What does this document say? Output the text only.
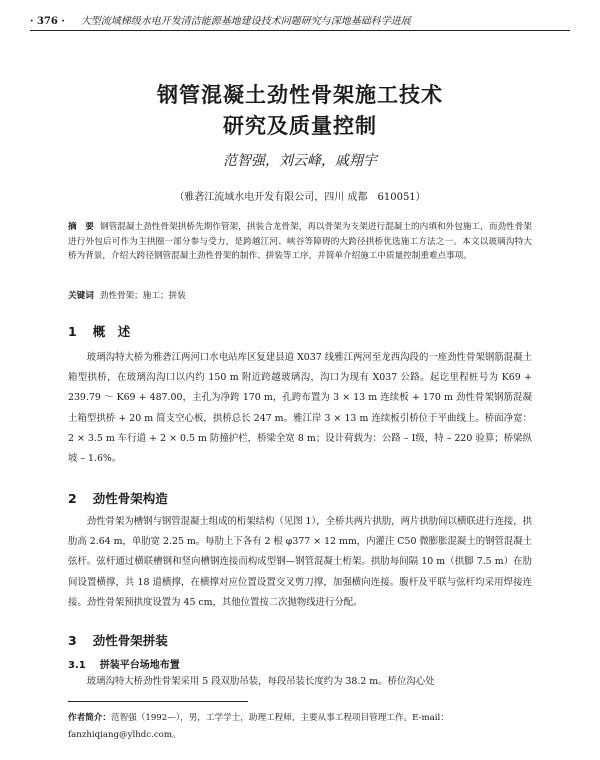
· 376 · 大型流域梯级水电开发清洁能源基地建设技术问题研究与深地基础科学进展
钢管混凝土劲性骨架施工技术
研究及质量控制
范智强，刘云峰，戚翔宇
（雅砻江流域水电开发有限公司，四川 成都　610051）
摘　要 钢管混凝土劲性骨架拱桥先期作管架，拱装合龙骨架，再以骨架为支架进行混凝土的内填和外包施工，而劲性骨架进行外包后可作为主拱圈一部分参与受力，是跨越江河、峡谷等障碍的大跨径拱桥优选施工方法之一。本文以玻璃沟特大桥为背景，介绍大跨径钢管混凝土劲性骨架的制作、拼装等工序，并简单介绍施工中质量控制重难点事项。
关键词 劲性骨架；施工；拼装
1 概　述

玻璃沟特大桥为雅砻江两河口水电站库区复建县道 X037 线雅江两河至龙西沟段的一座劲性骨架钢筋混凝土箱型拱桥，在玻璃沟沟口以内约 150 m 附近跨越玻璃沟，沟口为现有 X037 公路。起讫里程桩号为 K69 + 239.79 ～ K69 + 487.00，主孔为净跨 170 m，孔跨布置为 3 × 13 m 连续板 + 170 m 劲性骨架钢筋混凝土箱型拱桥 + 20 m 简支空心板，拱桥总长 247 m。雅江岸 3 × 13 m 连续板引桥位于平曲线上。桥面净宽：2 × 3.5 m 车行道 + 2 × 0.5 m 防撞护栏，桥梁全宽 8 m；设计荷载为：公路 – Ⅰ级，特 – 220 验算；桥梁纵坡 – 1.6%。

2 劲性骨架构造

劲性骨架为槽钢与钢管混凝土组成的桁架结构（见图 1），全桥共两片拱肋，两片拱肋间以横联进行连接，拱肋高 2.64 m，单肋宽 2.25 m。每肋上下各有 2 根 φ377 × 12 mm，内灌注 C50 微膨胀混凝土的钢管混凝土弦杆。弦杆通过横联槽钢和竖向槽钢连接而构成型钢—钢管混凝土桁架。拱肋每间隔 10 m（拱脚 7.5 m）在肋间设置横撑，共 18 道横撑，在横撑对应位置设置交叉剪刀撑，加强横向连接。腹杆及平联与弦杆均采用焊接连接。劲性骨架预拱度设置为 45 cm，其他位置按二次抛物线进行分配。

3 劲性骨架拼装
3.1 拼装平台场地布置

玻璃沟特大桥劲性骨架采用 5 段双肋吊装，每段吊装长度约为 38.2 m。桥位沟心处

作者简介：范智强（1992—），男，工学学士，助理工程师，主要从事工程项目管理工作。E-mail：fanzhiqiang@ylhdc.com。
